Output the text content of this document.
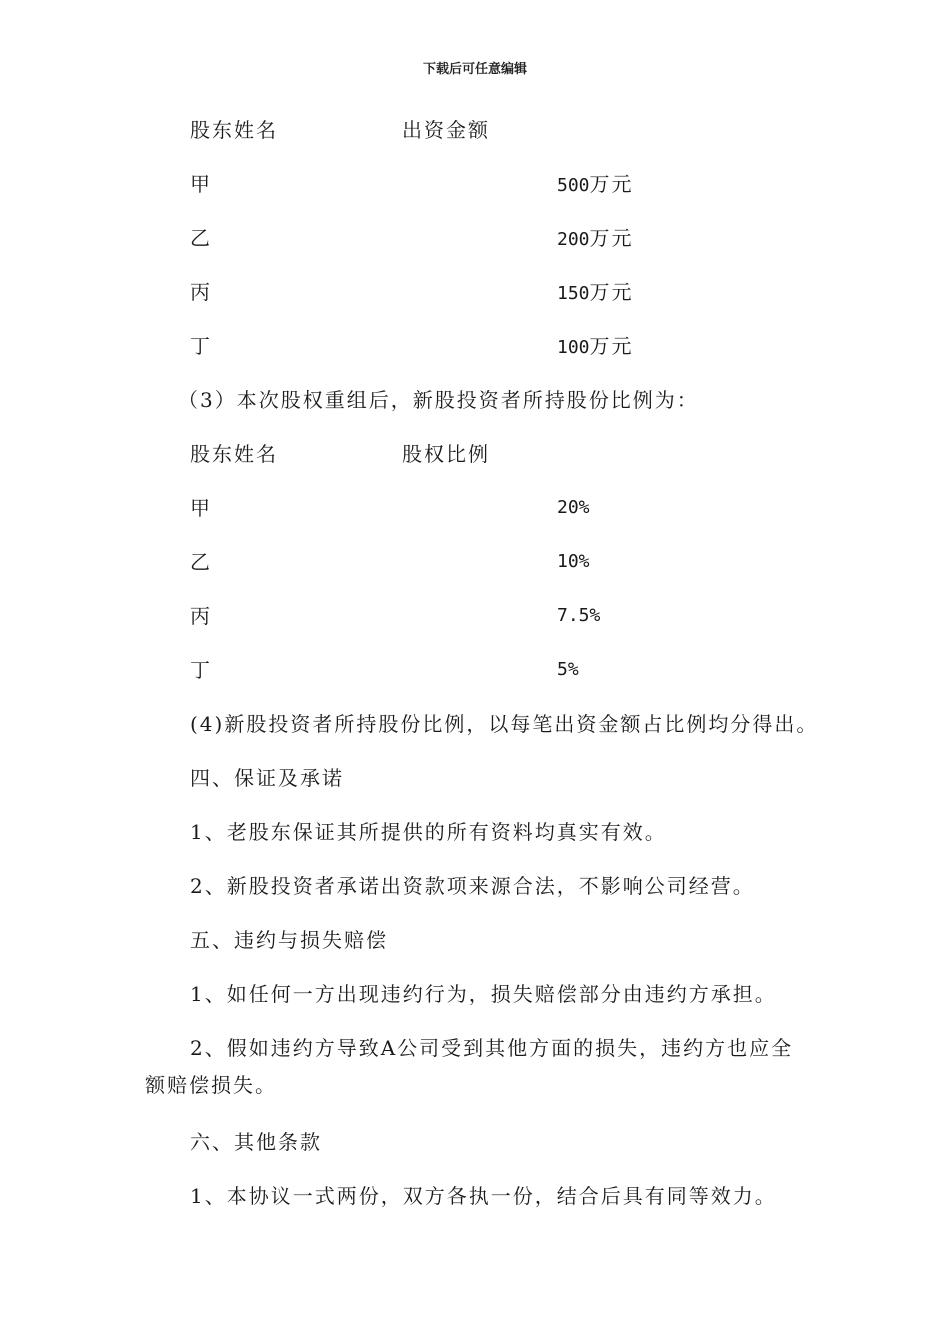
下载后可任意编辑
股东姓名	出资金额
甲	500万元
乙	200万元
丙	150万元
丁	100万元
（3）本次股权重组后，新股投资者所持股份比例为：
股东姓名	股权比例
甲	20%
乙	10%
丙	7.5%
丁	5%
(4)新股投资者所持股份比例，以每笔出资金额占比例均分得出。
四、保证及承诺
1、老股东保证其所提供的所有资料均真实有效。
2、新股投资者承诺出资款项来源合法，不影响公司经营。
五、违约与损失赔偿
1、如任何一方出现违约行为，损失赔偿部分由违约方承担。
2、假如违约方导致A公司受到其他方面的损失，违约方也应全
额赔偿损失。
六、其他条款
1、本协议一式两份，双方各执一份，结合后具有同等效力。
